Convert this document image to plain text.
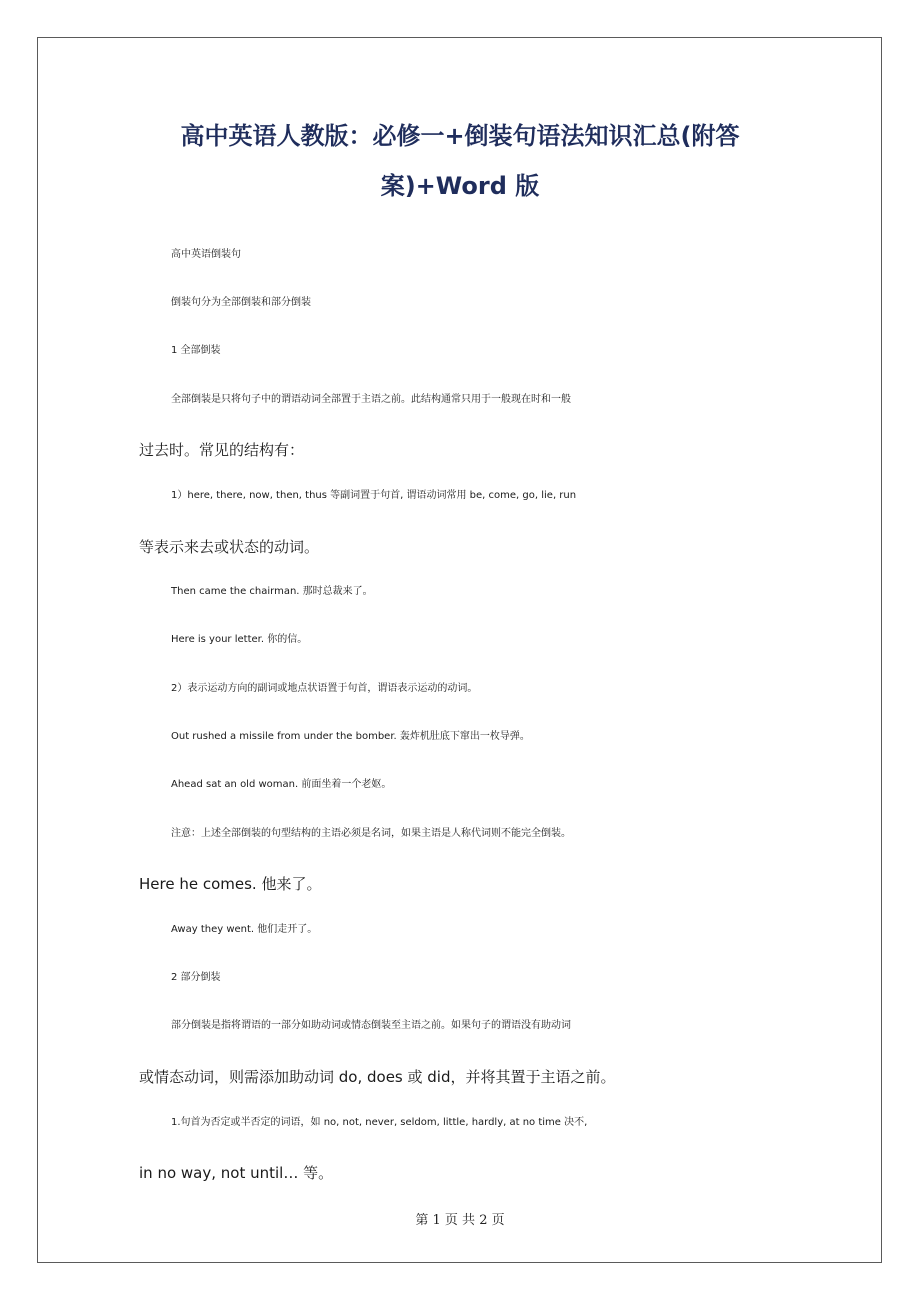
高中英语人教版：必修一+倒装句语法知识汇总(附答
案)+Word 版
高中英语倒装句
倒装句分为全部倒装和部分倒装
1 全部倒装
全部倒装是只将句子中的谓语动词全部置于主语之前。此结构通常只用于一般现在时和一般
过去时。常见的结构有：
1）here, there, now, then, thus 等副词置于句首, 谓语动词常用 be, come, go, lie, run
等表示来去或状态的动词。
Then came the chairman. 那时总裁来了。
Here is your letter. 你的信。
2）表示运动方向的副词或地点状语置于句首，谓语表示运动的动词。
Out rushed a missile from under the bomber. 轰炸机肚底下窜出一枚导弹。
Ahead sat an old woman. 前面坐着一个老妪。
注意：上述全部倒装的句型结构的主语必须是名词，如果主语是人称代词则不能完全倒装。
Here he comes. 他来了。
Away they went. 他们走开了。
2 部分倒装
部分倒装是指将谓语的一部分如助动词或情态倒装至主语之前。如果句子的谓语没有助动词
或情态动词，则需添加助动词 do, does 或 did，并将其置于主语之前。
1.句首为否定或半否定的词语，如 no, not, never, seldom, little, hardly, at no time 决不,
in no way, not until… 等。
第 1 页 共 2 页
